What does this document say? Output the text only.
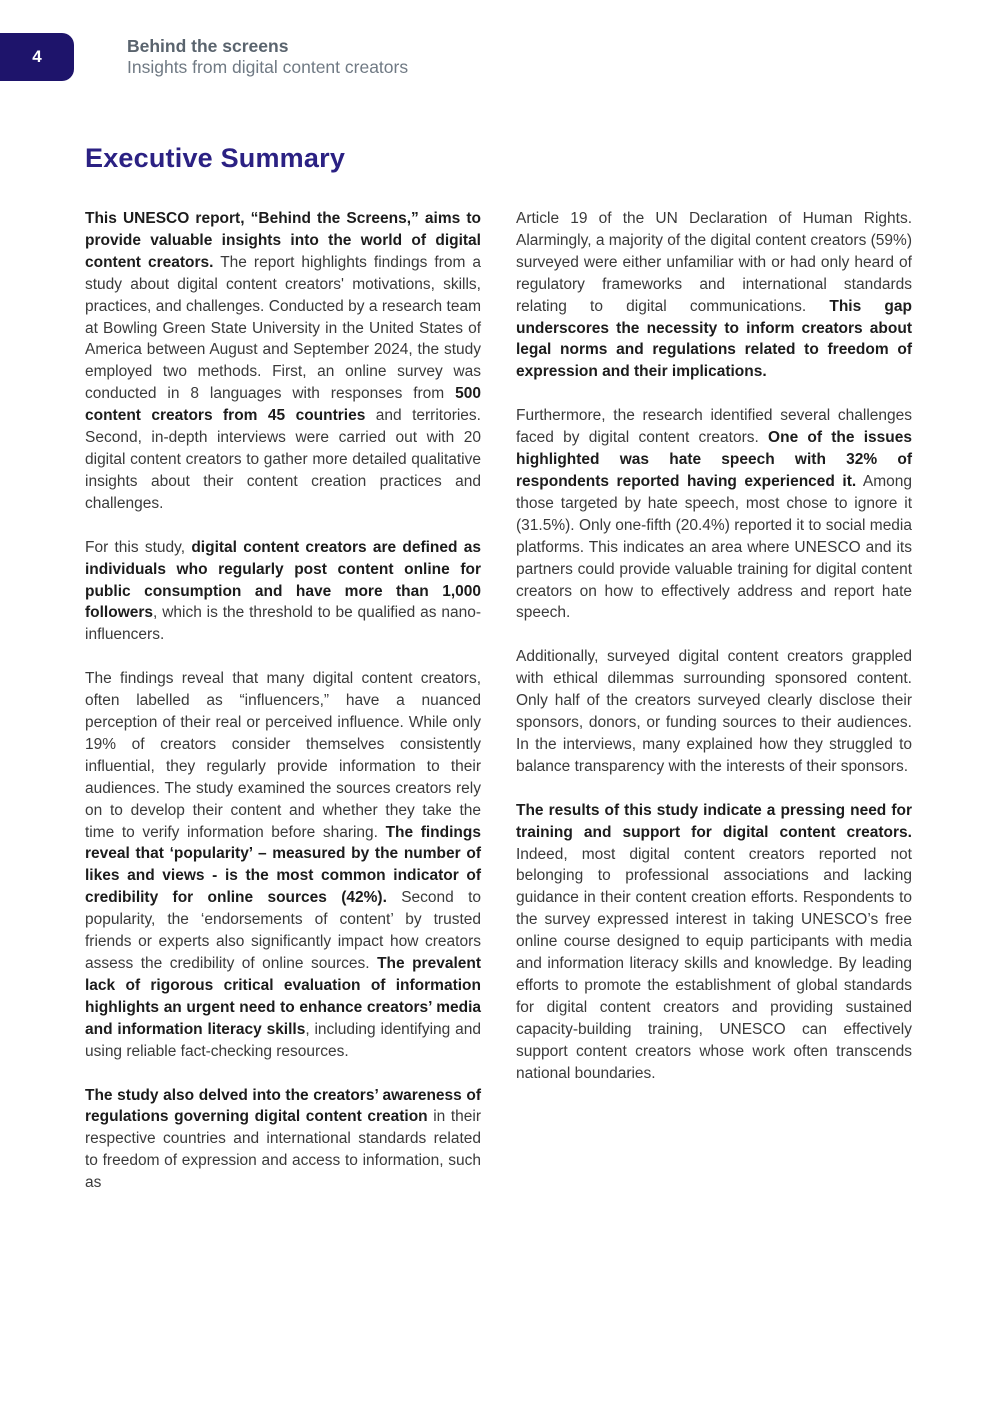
4
Behind the screens
Insights from digital content creators
Executive Summary

This UNESCO report, “Behind the Screens,” aims to provide valuable insights into the world of digital content creators. The report highlights findings from a study about digital content creators' motivations, skills, practices, and challenges. Conducted by a research team at Bowling Green State University in the United States of America between August and September 2024, the study employed two methods. First, an online survey was conducted in 8 languages with responses from 500 content creators from 45 countries and territories. Second, in-depth interviews were carried out with 20 digital content creators to gather more detailed qualitative insights about their content creation practices and challenges.

For this study, digital content creators are defined as individuals who regularly post content online for public consumption and have more than 1,000 followers, which is the threshold to be qualified as nano-influencers.

The findings reveal that many digital content creators, often labelled as “influencers,” have a nuanced perception of their real or perceived influence. While only 19% of creators consider themselves consistently influential, they regularly provide information to their audiences. The study examined the sources creators rely on to develop their content and whether they take the time to verify information before sharing. The findings reveal that ‘popularity’ – measured by the number of likes and views - is the most common indicator of credibility for online sources (42%). Second to popularity, the ‘endorsements of content’ by trusted friends or experts also significantly impact how creators assess the credibility of online sources. The prevalent lack of rigorous critical evaluation of information highlights an urgent need to enhance creators’ media and information literacy skills, including identifying and using reliable fact-checking resources.

The study also delved into the creators’ awareness of regulations governing digital content creation in their respective countries and international standards related to freedom of expression and access to information, such as

Article 19 of the UN Declaration of Human Rights. Alarmingly, a majority of the digital content creators (59%) surveyed were either unfamiliar with or had only heard of regulatory frameworks and international standards relating to digital communications. This gap underscores the necessity to inform creators about legal norms and regulations related to freedom of expression and their implications.

Furthermore, the research identified several challenges faced by digital content creators. One of the issues highlighted was hate speech with 32% of respondents reported having experienced it. Among those targeted by hate speech, most chose to ignore it (31.5%). Only one-fifth (20.4%) reported it to social media platforms. This indicates an area where UNESCO and its partners could provide valuable training for digital content creators on how to effectively address and report hate speech.

Additionally, surveyed digital content creators grappled with ethical dilemmas surrounding sponsored content. Only half of the creators surveyed clearly disclose their sponsors, donors, or funding sources to their audiences. In the interviews, many explained how they struggled to balance transparency with the interests of their sponsors.

The results of this study indicate a pressing need for training and support for digital content creators. Indeed, most digital content creators reported not belonging to professional associations and lacking guidance in their content creation efforts. Respondents to the survey expressed interest in taking UNESCO’s free online course designed to equip participants with media and information literacy skills and knowledge. By leading efforts to promote the establishment of global standards for digital content creators and providing sustained capacity-building training, UNESCO can effectively support content creators whose work often transcends national boundaries.
